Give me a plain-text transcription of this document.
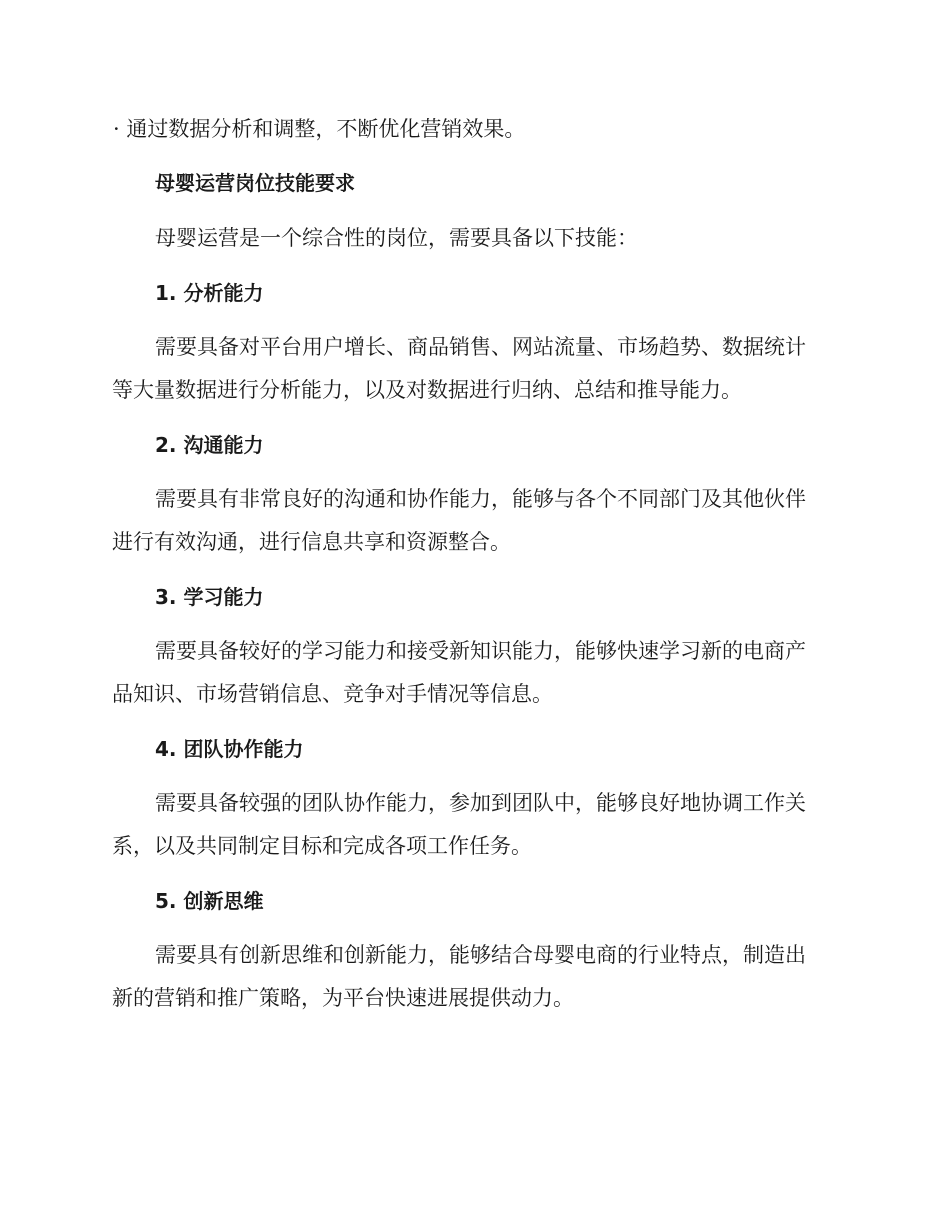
· 通过数据分析和调整，不断优化营销效果。
母婴运营岗位技能要求
母婴运营是一个综合性的岗位，需要具备以下技能：
1. 分析能力
需要具备对平台用户增长、商品销售、网站流量、市场趋势、数据统计
等大量数据进行分析能力，以及对数据进行归纳、总结和推导能力。
2. 沟通能力
需要具有非常良好的沟通和协作能力，能够与各个不同部门及其他伙伴
进行有效沟通，进行信息共享和资源整合。
3. 学习能力
需要具备较好的学习能力和接受新知识能力，能够快速学习新的电商产
品知识、市场营销信息、竞争对手情况等信息。
4. 团队协作能力
需要具备较强的团队协作能力，参加到团队中，能够良好地协调工作关
系，以及共同制定目标和完成各项工作任务。
5. 创新思维
需要具有创新思维和创新能力，能够结合母婴电商的行业特点，制造出
新的营销和推广策略，为平台快速进展提供动力。
